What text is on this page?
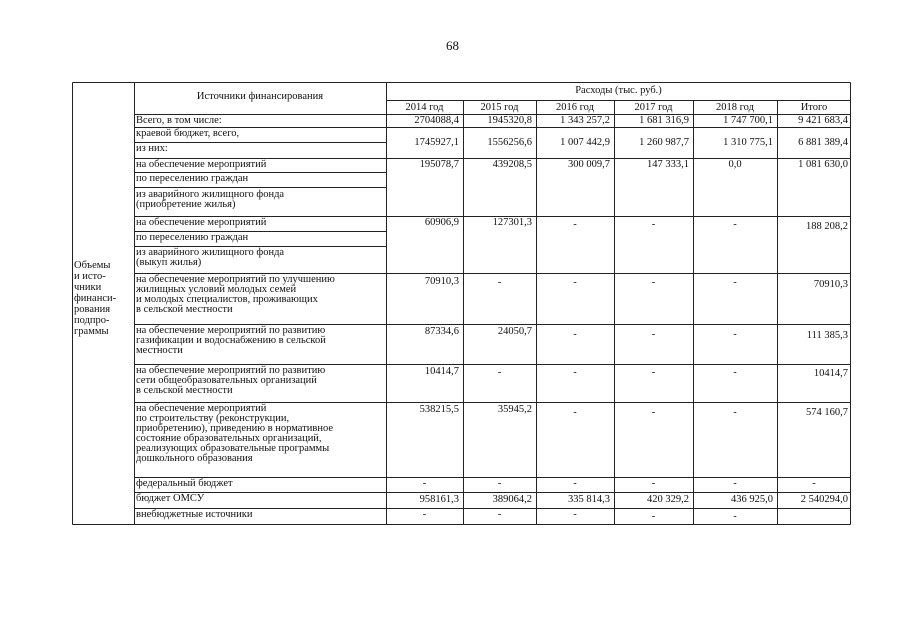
68
Объемы
и исто-
чники
финанси-
рования
подпро-
граммы
Источники финансирования
Расходы (тыс. руб.)
2014 год	2015 год	2016 год	2017 год	2018 год	Итого
Всего, в том числе:	2704088,4	1945320,8	1 343 257,2	1 681 316,9	1 747 700,1	9 421 683,4
краевой бюджет, всего,
из них:
1745927,1	1556256,6	1 007 442,9	1 260 987,7	1 310 775,1	6 881 389,4
на обеспечение мероприятий
по переселению граждан
из аварийного жилищного фонда
(приобретение жилья)
195078,7	439208,5	300 009,7	147 333,1	0,0	1 081 630,0
на обеспечение мероприятий
по переселению граждан
из аварийного жилищного фонда
(выкуп жилья)
60906,9	127301,3	-	-	-	188 208,2
на обеспечение мероприятий по улучшению
жилищных условий молодых семей
и молодых специалистов, проживающих
в сельской местности
70910,3	-	-	-	-	70910,3
на обеспечение мероприятий по развитию
газификации и водоснабжению в сельской
местности
87334,6	24050,7	-	-	-	111 385,3
на обеспечение мероприятий по развитию
сети общеобразовательных организаций
в сельской местности
10414,7	-	-	-	-	10414,7
на обеспечение мероприятий
по строительству (реконструкции,
приобретению), приведению в нормативное
состояние образовательных организаций,
реализующих образовательные программы
дошкольного образования
538215,5	35945,2	-	-	-	574 160,7
федеральный бюджет	-	-	-	-	-	-
бюджет ОМСУ	958161,3	389064,2	335 814,3	420 329,2	436 925,0	2 540294,0
внебюджетные источники	-	-	-	-	-
